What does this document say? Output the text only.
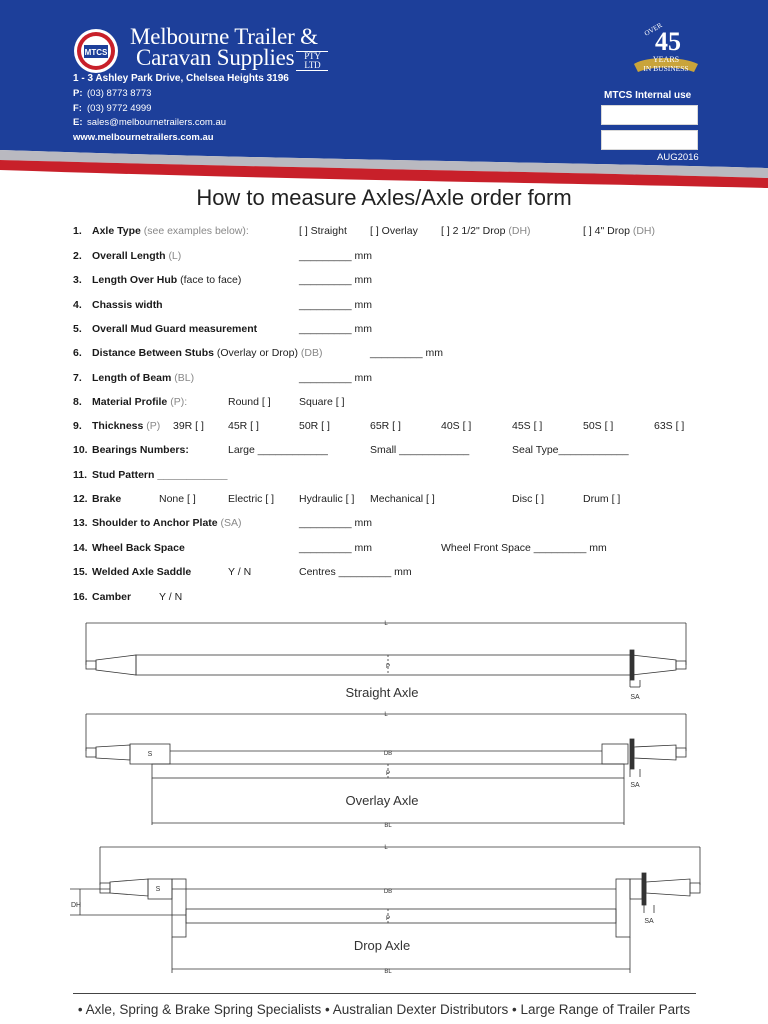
MTCS
Melbourne Trailer &
Caravan Supplies PTY LTD
1 - 3 Ashley Park Drive, Chelsea Heights 3196
P: (03) 8773 8773
F: (03) 9772 4999
E: sales@melbournetrailers.com.au
www.melbournetrailers.com.au
OVER
45
YEARS
IN BUSINESS
MTCS Internal use
AUG2016
How to measure Axles/Axle order form
1. Axle Type (see examples below):	[ ] Straight [ ] Overlay [ ] 2 1/2" Drop (DH)	[ ] 4" Drop (DH)
2. Overall Length (L)	_________ mm
3. Length Over Hub (face to face)	_________ mm
4. Chassis width	_________ mm
5. Overall Mud Guard measurement	_________ mm
6. Distance Between Stubs (Overlay or Drop) (DB)	_________ mm
7. Length of Beam (BL)	_________ mm
8. Material Profile (P):	Round [ ]	Square [ ]
9. Thickness (P) 39R [ ] 45R [ ]	50R [ ]	65R [ ]	40S [ ]	45S [ ]	50S [ ]	63S [ ]
10. Bearings Numbers:	Large ____________	Small ____________	Seal Type____________
11. Stud Pattern ____________
12. Brake	None [ ]	Electric [ ] Hydraulic [ ] Mechanical [ ]	Disc [ ]	Drum [ ]
13. Shoulder to Anchor Plate (SA)	_________ mm
14. Wheel Back Space	_________ mm	Wheel Front Space _________ mm
15. Welded Axle Saddle	Y / N	Centres _________ mm
16. Camber	Y / N
L
P
SA
Straight Axle
L
S	DB
P
SA
BL
Overlay Axle
L
S	DB
P	SA
DH
BL
Drop Axle
• Axle, Spring & Brake Spring Specialists • Australian Dexter Distributors • Large Range of Trailer Parts
